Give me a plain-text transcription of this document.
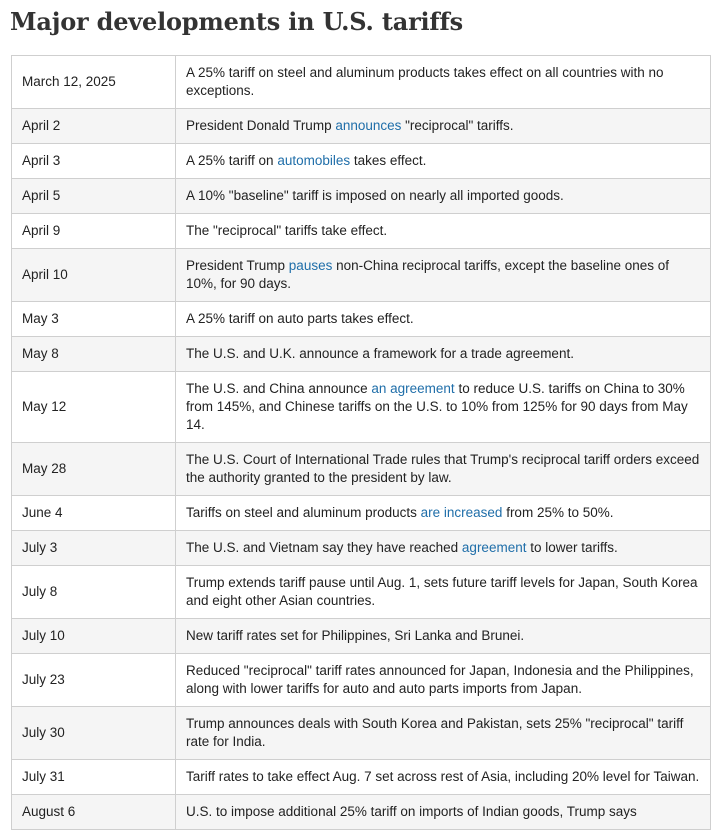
Major developments in U.S. tariffs
March 12, 2025	A 25% tariff on steel and aluminum products takes effect on all countries with no exceptions.
April 2	President Donald Trump announces "reciprocal" tariffs.
April 3	A 25% tariff on automobiles takes effect.
April 5	A 10% "baseline" tariff is imposed on nearly all imported goods.
April 9	The "reciprocal" tariffs take effect.
April 10	President Trump pauses non-China reciprocal tariffs, except the baseline ones of 10%, for 90 days.
May 3	A 25% tariff on auto parts takes effect.
May 8	The U.S. and U.K. announce a framework for a trade agreement.
May 12	The U.S. and China announce an agreement to reduce U.S. tariffs on China to 30% from 145%, and Chinese tariffs on the U.S. to 10% from 125% for 90 days from May 14.
May 28	The U.S. Court of International Trade rules that Trump's reciprocal tariff orders exceed the authority granted to the president by law.
June 4	Tariffs on steel and aluminum products are increased from 25% to 50%.
July 3	The U.S. and Vietnam say they have reached agreement to lower tariffs.
July 8	Trump extends tariff pause until Aug. 1, sets future tariff levels for Japan, South Korea and eight other Asian countries.
July 10	New tariff rates set for Philippines, Sri Lanka and Brunei.
July 23	Reduced "reciprocal" tariff rates announced for Japan, Indonesia and the Philippines, along with lower tariffs for auto and auto parts imports from Japan.
July 30	Trump announces deals with South Korea and Pakistan, sets 25% "reciprocal" tariff rate for India.
July 31	Tariff rates to take effect Aug. 7 set across rest of Asia, including 20% level for Taiwan.
August 6	U.S. to impose additional 25% tariff on imports of Indian goods, Trump says
